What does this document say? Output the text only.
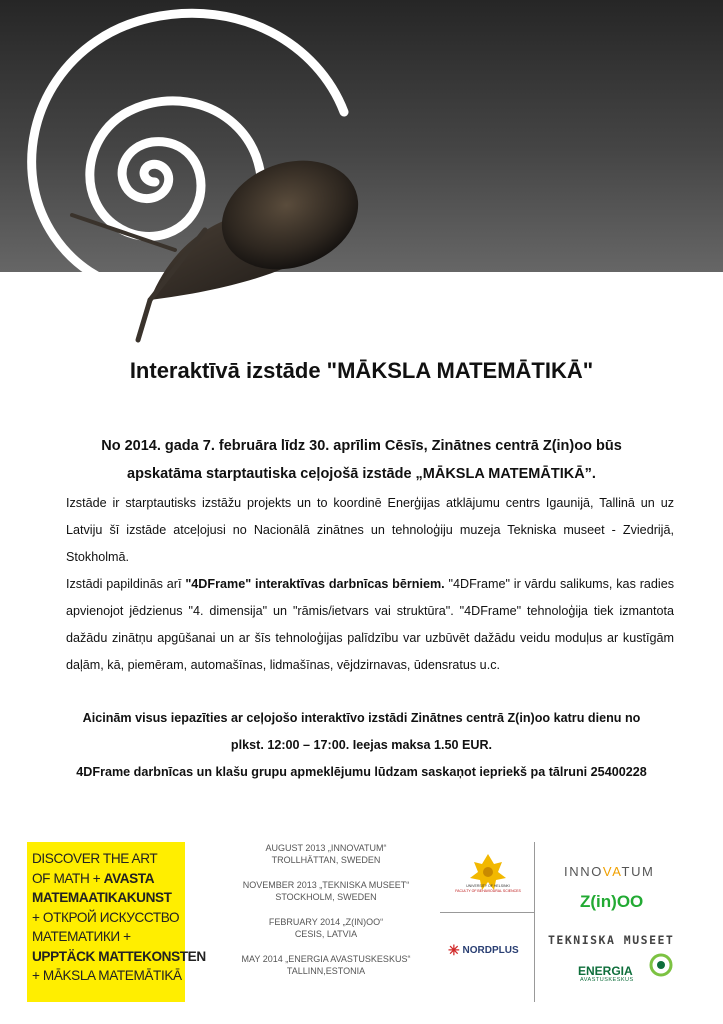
Interaktīvā izstāde "MĀKSLA MATEMĀTIKĀ"
No 2014. gada 7. februāra līdz 30. aprīlim Cēsīs, Zinātnes centrā Z(in)oo būs
apskatāma starptautiska ceļojošā izstāde „MĀKSLA MATEMĀTIKĀ”.

Izstāde ir starptautisks izstāžu projekts un to koordinē Enerģijas atklājumu centrs Igaunijā, Tallinā un uz Latviju šī izstāde atceļojusi no Nacionālā zinātnes un tehnoloģiju muzeja Tekniska museet - Zviedrijā, Stokholmā.

Izstādi papildinās arī "4DFrame" interaktīvas darbnīcas bērniem. "4DFrame" ir vārdu salikums, kas radies apvienojot jēdzienus "4. dimensija" un "rāmis/ietvars vai struktūra". "4DFrame" tehnoloģija tiek izmantota dažādu zinātņu apgūšanai un ar šīs tehnoloģijas palīdzību var uzbūvēt dažādu veidu moduļus ar kustīgām daļām, kā, piemēram, automašīnas, lidmašīnas, vējdzirnavas, ūdensratus u.c.

Aicinām visus iepazīties ar ceļojošo interaktīvo izstādi Zinātnes centrā Z(in)oo katru dienu no

plkst. 12:00 – 17:00. Ieejas maksa 1.50 EUR.

4DFrame darbnīcas un klašu grupu apmeklējumu lūdzam saskaņot iepriekš pa tālruni 25400228

DISCOVER THE ART
OF MATH + AVASTA
MATEMAATIKAKUNST
+ ОТКРОЙ ИСКУССТВО
МАТЕМАТИКИ +
UPPTÄCK MATTEKONSTEN
+ MĀKSLA MATEMĀTIKĀ
AUGUST 2013 „INNOVATUM“
TROLLHÄTTAN, SWEDEN
NOVEMBER 2013 „TEKNISKA MUSEET“
STOCKHOLM, SWEDEN
FEBRUARY 2014 „Z(IN)OO“
CESIS, LATVIA
MAY 2014 „ENERGIA AVASTUSKESKUS“
TALLINN,ESTONIA
UNIVERSITY OF HELSINKI
FACULTY OF BEHAVIOURAL SCIENCES
✳ NORDPLUS
INNOVATUM
Z(in)OO
TEKNISKA MUSEET
ENERGIA
AVASTUSKESKUS
